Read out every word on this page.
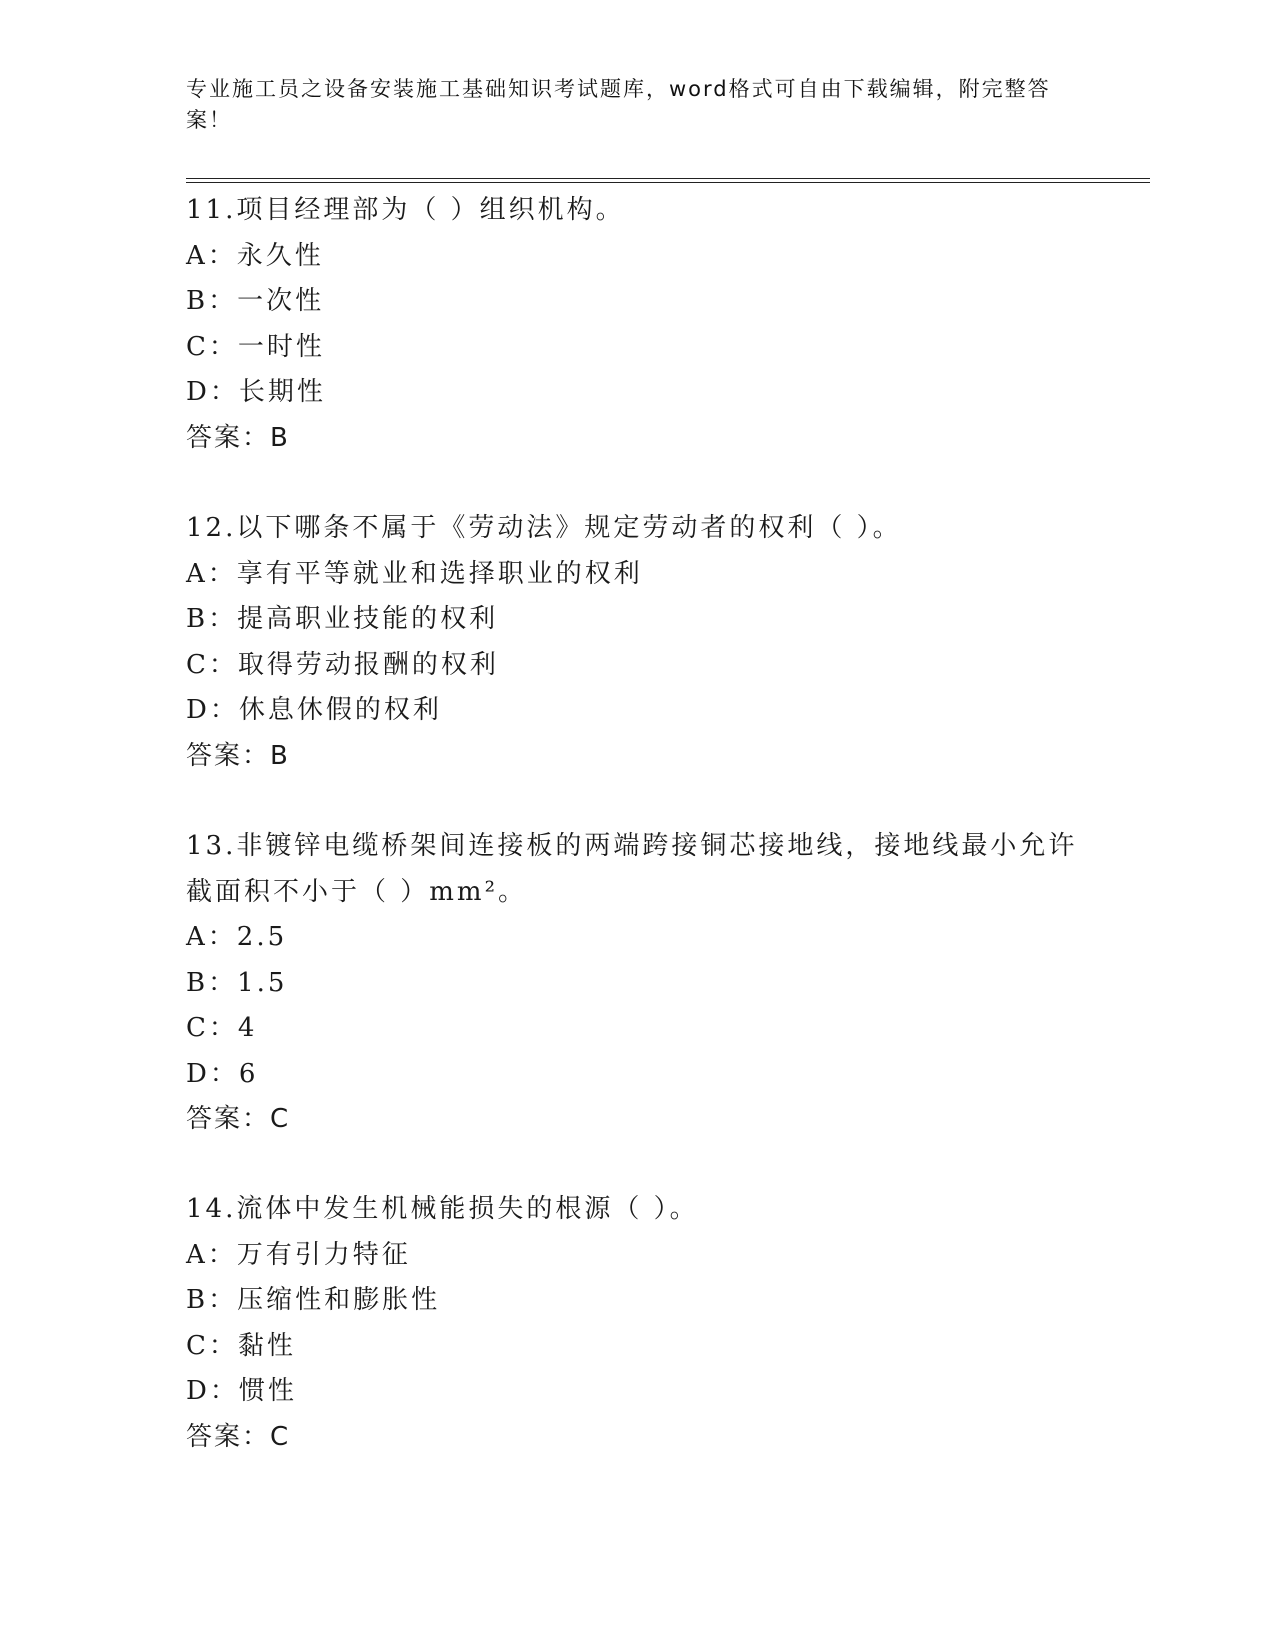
专业施工员之设备安装施工基础知识考试题库，word格式可自由下载编辑，附完整答案！
11.项目经理部为（ ）组织机构。
A：永久性
B：一次性
C：一时性
D：长期性
答案：B
12.以下哪条不属于《劳动法》规定劳动者的权利（ ）。
A：享有平等就业和选择职业的权利
B：提高职业技能的权利
C：取得劳动报酬的权利
D：休息休假的权利
答案：B
13.非镀锌电缆桥架间连接板的两端跨接铜芯接地线，接地线最小允许截面积不小于（ ）mm²。
A：2.5
B：1.5
C：4
D：6
答案：C
14.流体中发生机械能损失的根源（ ）。
A：万有引力特征
B：压缩性和膨胀性
C：黏性
D：惯性
答案：C
